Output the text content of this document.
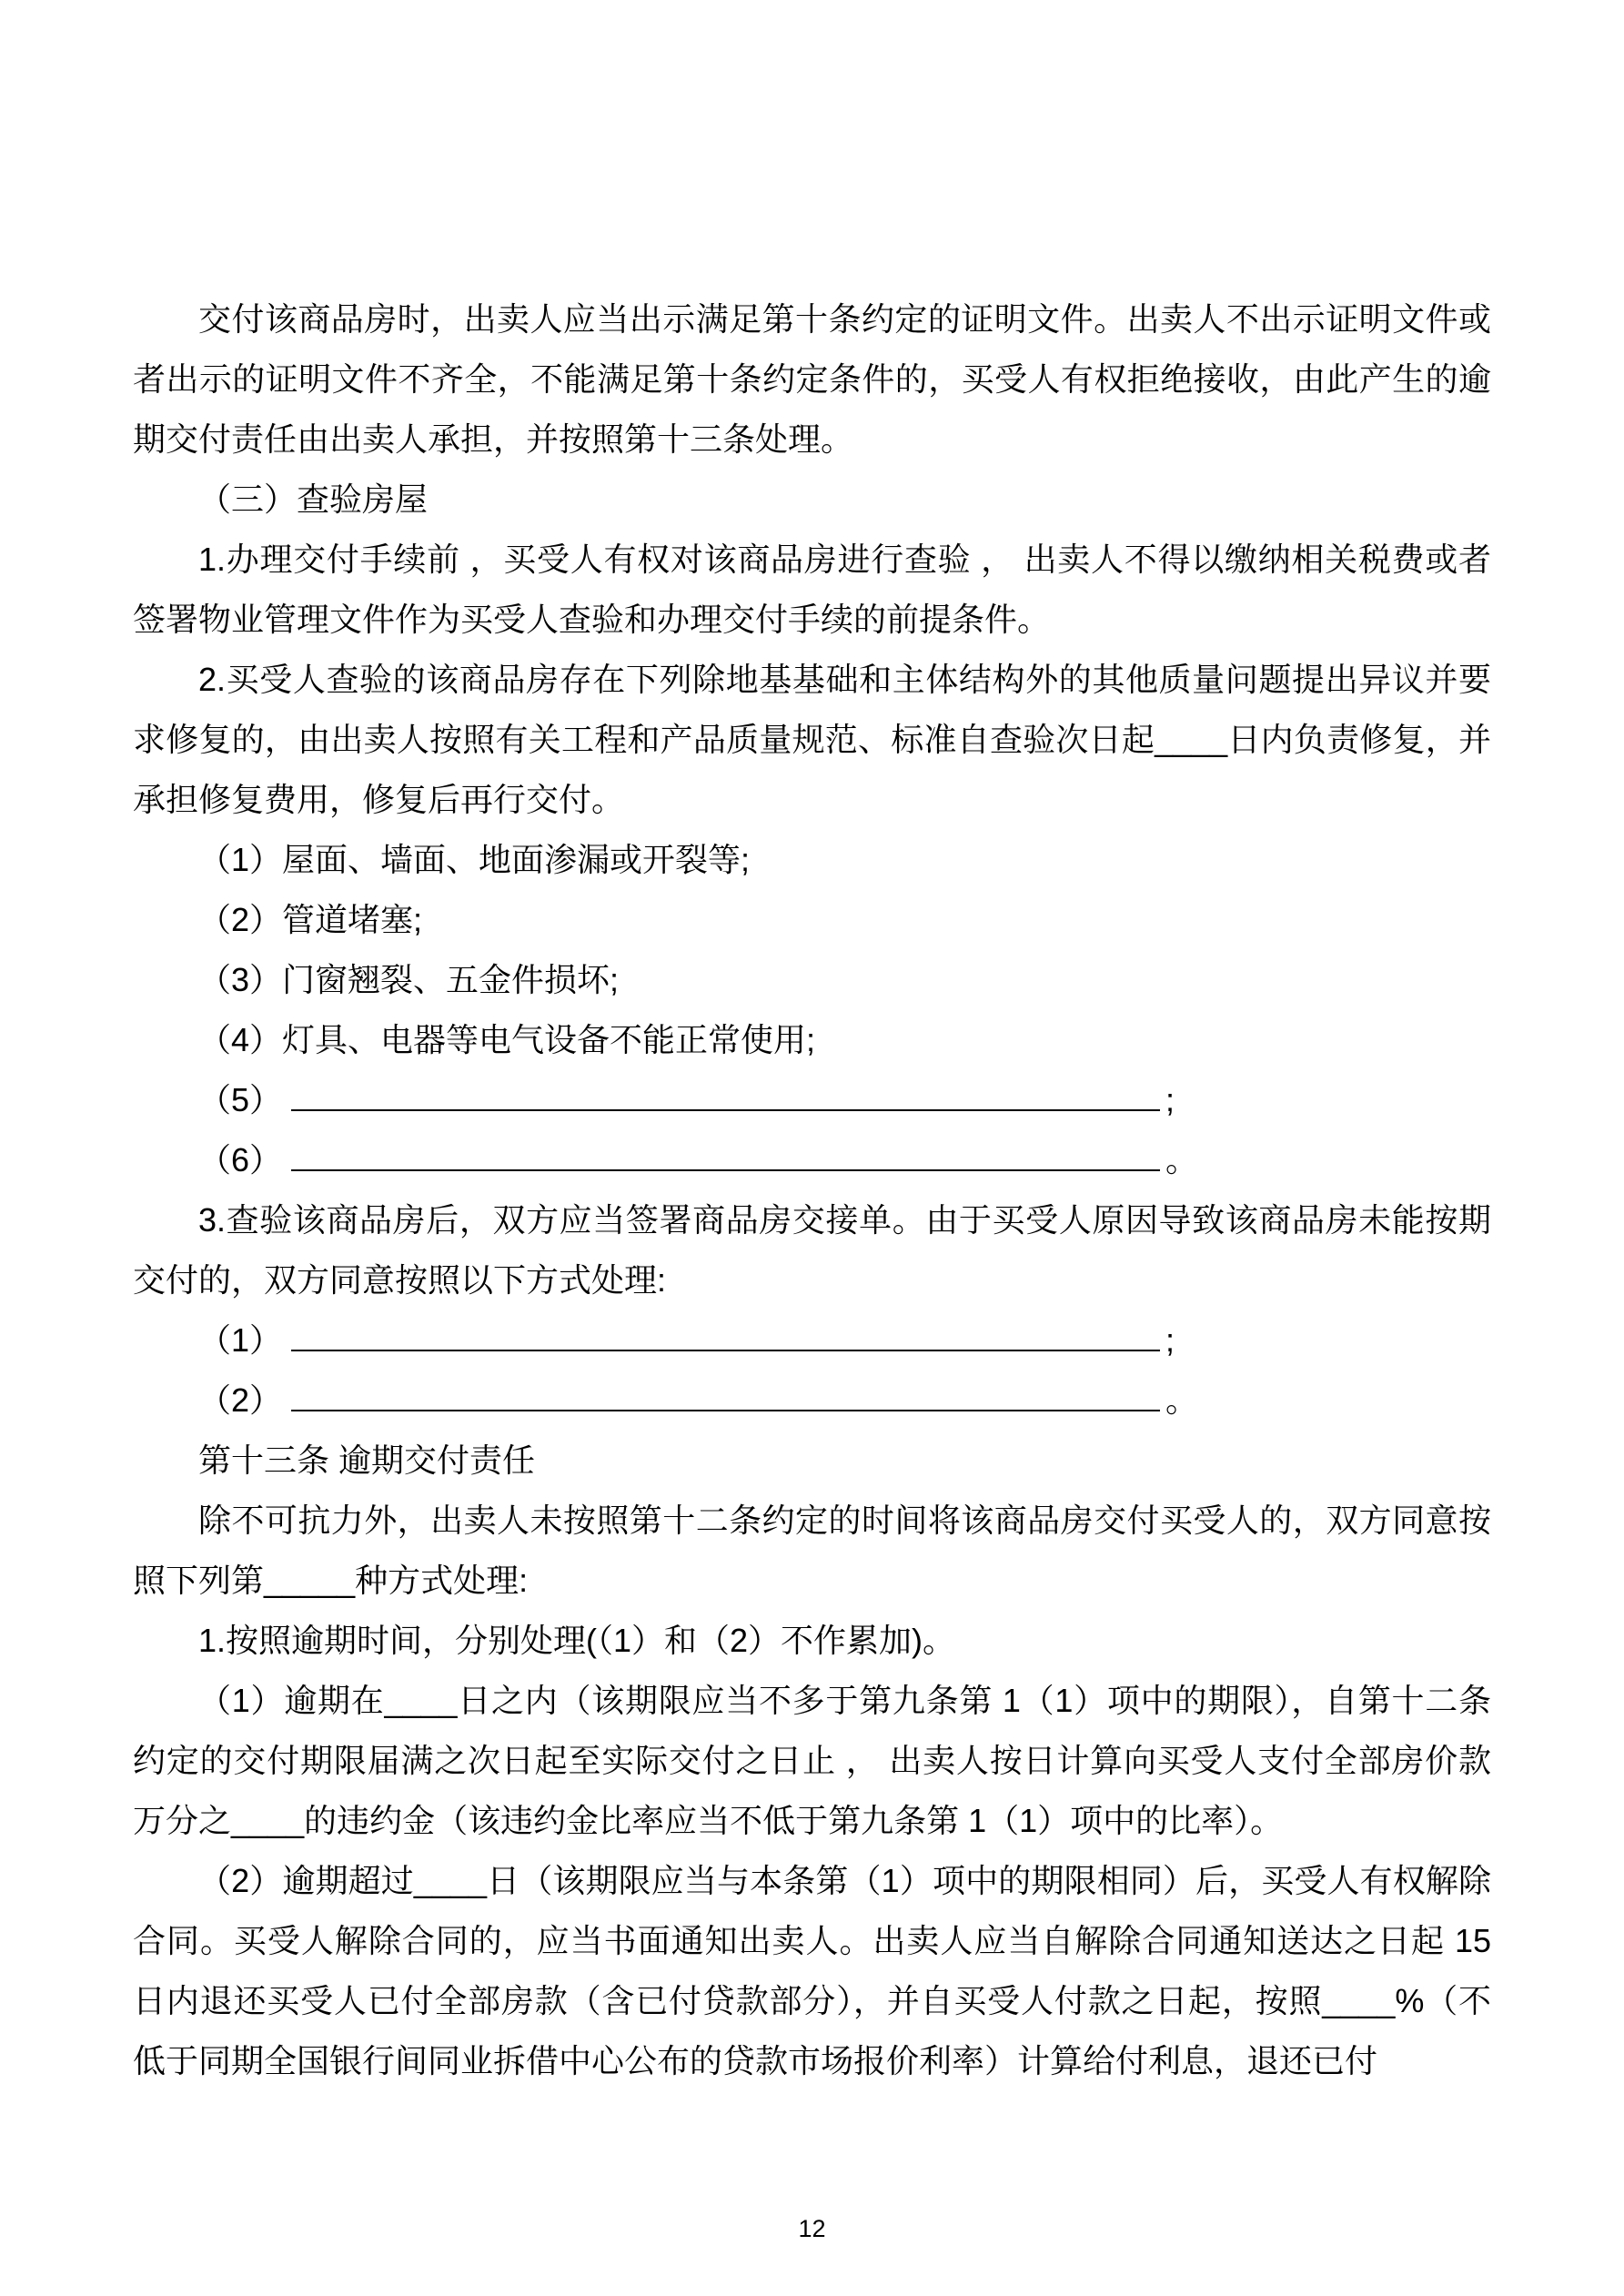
交付该商品房时，出卖人应当出示满足第十条约定的证明文件。出卖人不出示证明文件或者出示的证明文件不齐全，不能满足第十条约定条件的，买受人有权拒绝接收，由此产生的逾期交付责任由出卖人承担，并按照第十三条处理。

（三）查验房屋

1.办理交付手续前 ，买受人有权对该商品房进行查验 ， 出卖人不得以缴纳相关税费或者签署物业管理文件作为买受人查验和办理交付手续的前提条件。

2.买受人查验的该商品房存在下列除地基基础和主体结构外的其他质量问题提出异议并要求修复的，由出卖人按照有关工程和产品质量规范、标准自查验次日起____日内负责修复，并承担修复费用，修复后再行交付。

（1）屋面、墙面、地面渗漏或开裂等;

（2）管道堵塞;

（3）门窗翘裂、五金件损坏;

（4）灯具、电器等电气设备不能正常使用;

（5）	;

（6）	。

3.查验该商品房后，双方应当签署商品房交接单。由于买受人原因导致该商品房未能按期交付的，双方同意按照以下方式处理:

（1）	;

（2）	。

第十三条 逾期交付责任

除不可抗力外，出卖人未按照第十二条约定的时间将该商品房交付买受人的，双方同意按照下列第_____种方式处理:

1.按照逾期时间，分别处理(（1）和（2）不作累加)。

（1）逾期在____日之内（该期限应当不多于第九条第 1（1）项中的期限），自第十二条约定的交付期限届满之次日起至实际交付之日止 ， 出卖人按日计算向买受人支付全部房价款万分之____的违约金（该违约金比率应当不低于第九条第 1（1）项中的比率）。

（2）逾期超过____日（该期限应当与本条第（1）项中的期限相同）后，买受人有权解除合同。买受人解除合同的，应当书面通知出卖人。出卖人应当自解除合同通知送达之日起 15 日内退还买受人已付全部房款（含已付贷款部分），并自买受人付款之日起，按照____%（不低于同期全国银行间同业拆借中心公布的贷款市场报价利率）计算给付利息，退还已付

12
